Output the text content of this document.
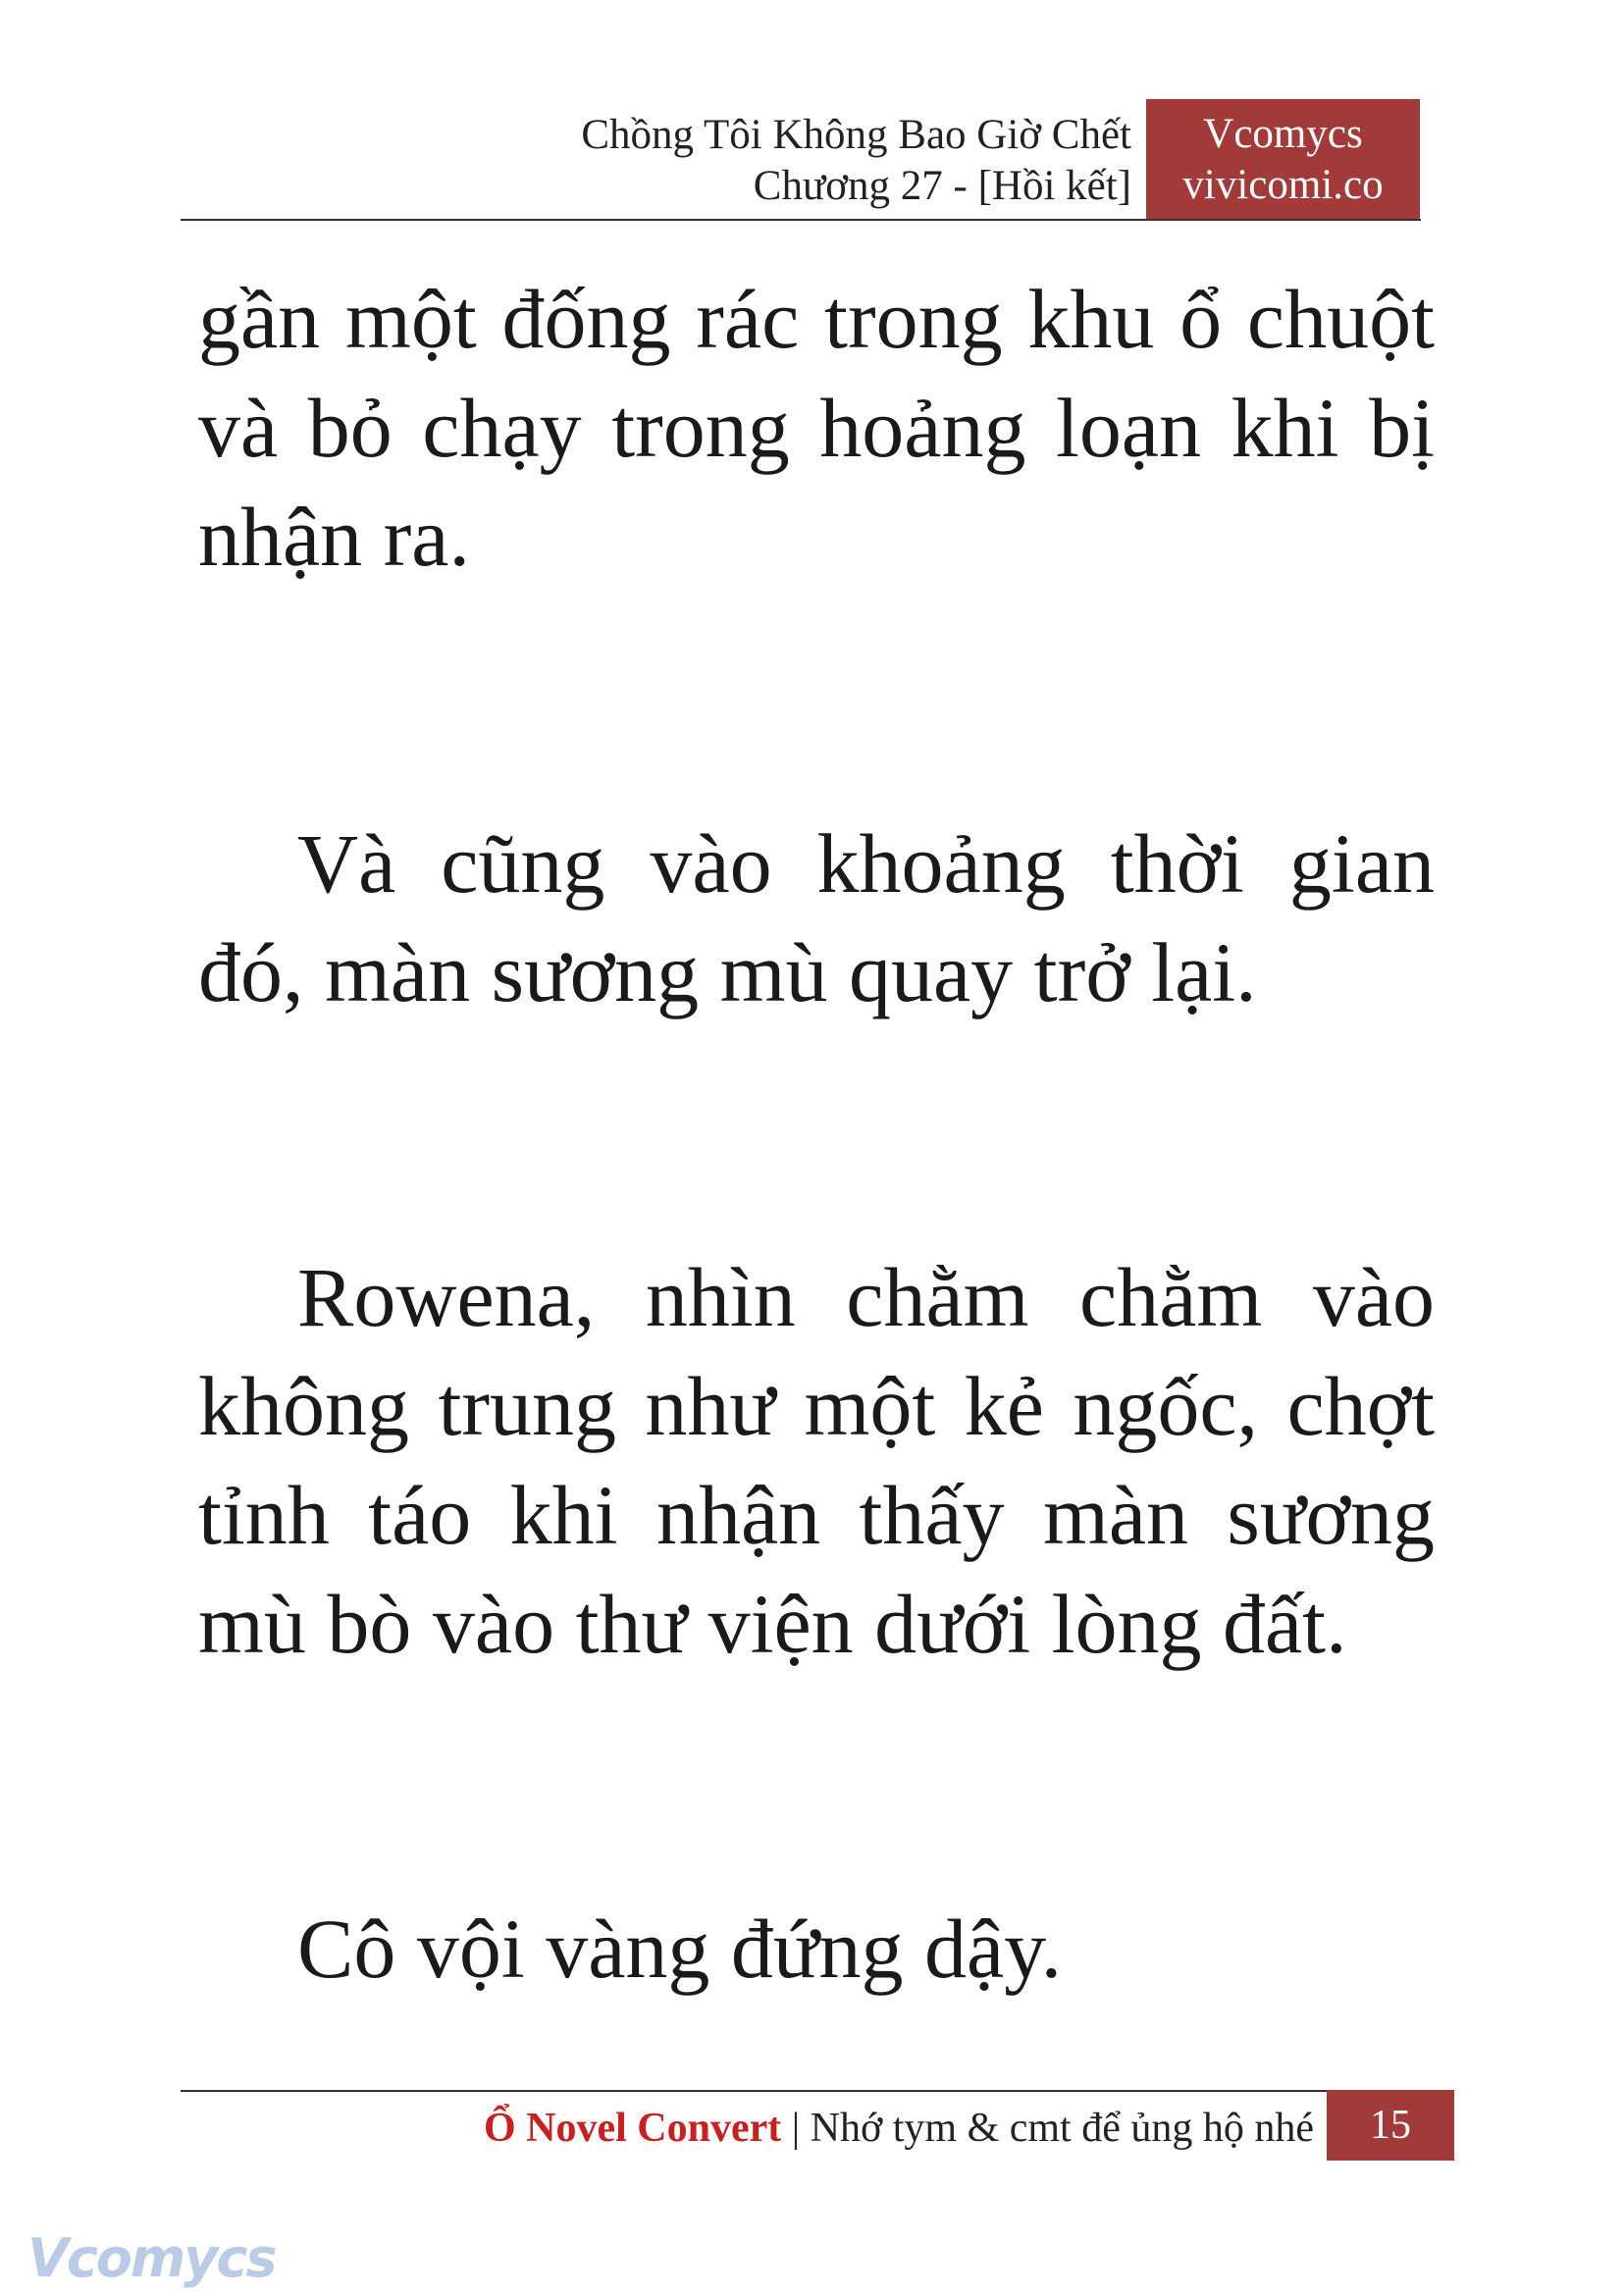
Chồng Tôi Không Bao Giờ Chết
Chương 27 - [Hồi kết]
Vcomycs
vivicomi.co

gần một đống rác trong khu ổ chuột và bỏ chạy trong hoảng loạn khi bị nhận ra.

Và cũng vào khoảng thời gian đó, màn sương mù quay trở lại.

Rowena, nhìn chằm chằm vào không trung như một kẻ ngốc, chợt tỉnh táo khi nhận thấy màn sương mù bò vào thư viện dưới lòng đất.

Cô vội vàng đứng dậy.

Ổ Novel Convert | Nhớ tym & cmt để ủng hộ nhé	15
Vcomycs
